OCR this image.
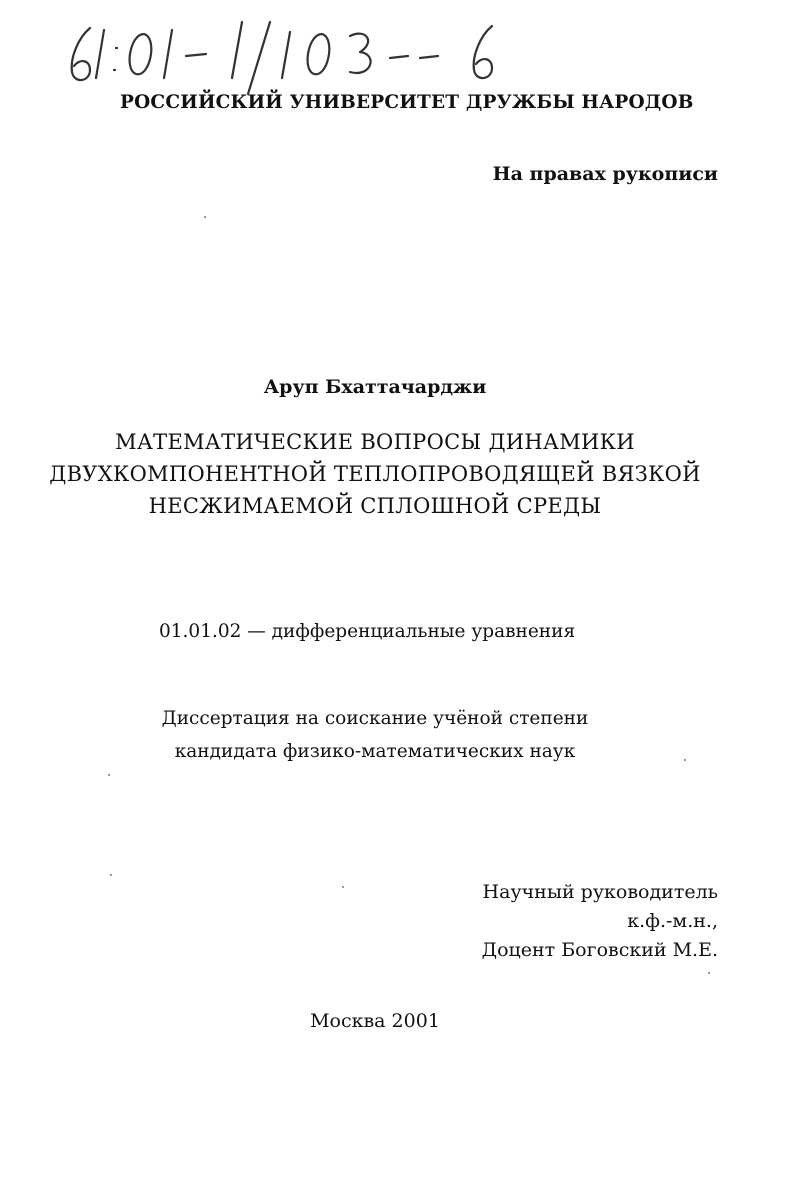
РОССИЙСКИЙ УНИВЕРСИТЕТ ДРУЖБЫ НАРОДОВ
На правах рукописи
Аруп Бхаттачарджи
МАТЕМАТИЧЕСКИЕ ВОПРОСЫ ДИНАМИКИ
ДВУХКОМПОНЕНТНОЙ ТЕПЛОПРОВОДЯЩЕЙ ВЯЗКОЙ
НЕСЖИМАЕМОЙ СПЛОШНОЙ СРЕДЫ
01.01.02 — дифференциальные уравнения
Диссертация на соискание учёной степени
кандидата физико-математических наук
Научный руководитель
к.ф.-м.н.,
Доцент Боговский М.Е.
Москва 2001
